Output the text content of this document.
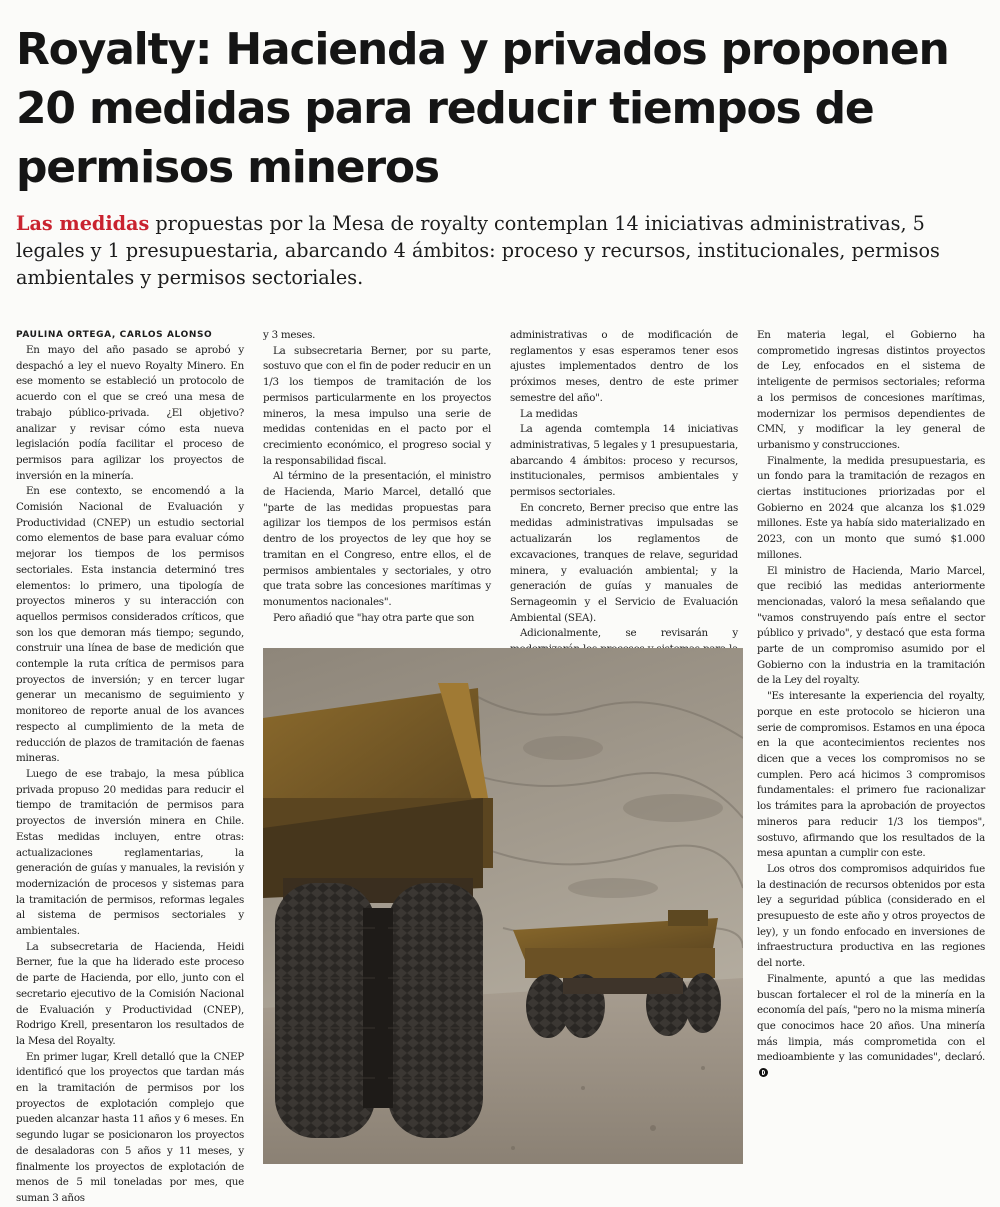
Royalty: Hacienda y privados proponen 20 medidas para reducir tiempos de permisos mineros

Las medidas propuestas por la Mesa de royalty contemplan 14 iniciativas administrativas, 5 legales y 1 presupuestaria, abarcando 4 ámbitos: proceso y recursos, institucionales, permisos ambientales y permisos sectoriales.

PAULINA ORTEGA, CARLOS ALONSO

En mayo del año pasado se aprobó y despachó a ley el nuevo Royalty Minero. En ese momento se estableció un protocolo de acuerdo con el que se creó una mesa de trabajo público-privada. ¿El objetivo? analizar y revisar cómo esta nueva legislación podía facilitar el proceso de permisos para agilizar los proyectos de inversión en la minería.

En ese contexto, se encomendó a la Comisión Nacional de Evaluación y Productividad (CNEP) un estudio sectorial como elementos de base para evaluar cómo mejorar los tiempos de los permisos sectoriales. Esta instancia determinó tres elementos: lo primero, una tipología de proyectos mineros y su interacción con aquellos permisos considerados críticos, que son los que demoran más tiempo; segundo, construir una línea de base de medición que contemple la ruta crítica de permisos para proyectos de inversión; y en tercer lugar generar un mecanismo de seguimiento y monitoreo de reporte anual de los avances respecto al cumplimiento de la meta de reducción de plazos de tramitación de faenas mineras.

Luego de ese trabajo, la mesa pública privada propuso 20 medidas para reducir el tiempo de tramitación de permisos para proyectos de inversión minera en Chile. Estas medidas incluyen, entre otras: actualizaciones reglamentarias, la generación de guías y manuales, la revisión y modernización de procesos y sistemas para la tramitación de permisos, reformas legales al sistema de permisos sectoriales y ambientales.

La subsecretaria de Hacienda, Heidi Berner, fue la que ha liderado este proceso de parte de Hacienda, por ello, junto con el secretario ejecutivo de la Comisión Nacional de Evaluación y Productividad (CNEP), Rodrigo Krell, presentaron los resultados de la Mesa del Royalty.

En primer lugar, Krell detalló que la CNEP identificó que los proyectos que tardan más en la tramitación de permisos por los proyectos de explotación complejo que pueden alcanzar hasta 11 años y 6 meses. En segundo lugar se posicionaron los proyectos de desaladoras con 5 años y 11 meses, y finalmente los proyectos de explotación de menos de 5 mil toneladas por mes, que suman 3 años

y 3 meses.

La subsecretaria Berner, por su parte, sostuvo que con el fin de poder reducir en un 1/3 los tiempos de tramitación de los permisos particularmente en los proyectos mineros, la mesa impulso una serie de medidas contenidas en el pacto por el crecimiento económico, el progreso social y la responsabilidad fiscal.

Al término de la presentación, el ministro de Hacienda, Mario Marcel, detalló que "parte de las medidas propuestas para agilizar los tiempos de los permisos están dentro de los proyectos de ley que hoy se tramitan en el Congreso, entre ellos, el de permisos ambientales y sectoriales, y otro que trata sobre las concesiones marítimas y monumentos nacionales".

Pero añadió que "hay otra parte que son

administrativas o de modificación de reglamentos y esas esperamos tener esos ajustes implementados dentro de los próximos meses, dentro de este primer semestre del año".

La medidas

La agenda comtempla 14 iniciativas administrativas, 5 legales y 1 presupuestaria, abarcando 4 ámbitos: proceso y recursos, institucionales, permisos ambientales y permisos sectoriales.

En concreto, Berner preciso que entre las medidas administrativas impulsadas se actualizarán los reglamentos de excavaciones, tranques de relave, seguridad minera, y evaluación ambiental; y la generación de guías y manuales de Sernageomin y el Servicio de Evaluación Ambiental (SEA).

Adicionalmente, se revisarán y

En materia legal, el Gobierno ha comprometido ingresas distintos proyectos de Ley, enfocados en el sistema de inteligente de permisos sectoriales; reforma a los permisos de concesiones marítimas, modernizar los permisos dependientes de CMN, y modificar la ley general de urbanismo y construcciones.

Finalmente, la medida presupuestaria, es un fondo para la tramitación de rezagos en ciertas instituciones priorizadas por el Gobierno en 2024 que alcanza los $1.029 millones. Este ya había sido materializado en 2023, con un monto que sumó $1.000 millones.

El ministro de Hacienda, Mario Marcel, que recibió las medidas anteriormente mencionadas, valoró la mesa señalando que "vamos construyendo país entre el sector público y privado", y destacó que esta forma parte de un compromiso asumido por el Gobierno con la industria en la tramitación de la Ley del royalty.

"Es interesante la experiencia del royalty, porque en este protocolo se hicieron una serie de compromisos. Estamos en una época en la que acontecimientos recientes nos dicen que a veces los compromisos no se cumplen. Pero acá hicimos 3 compromisos fundamentales: el primero fue racionalizar los trámites para la aprobación de proyectos mineros para reducir 1/3 los tiempos", sostuvo, afirmando que los resultados de la mesa apuntan a cumplir con este.

Los otros dos compromisos adquiridos fue la destinación de recursos obtenidos por esta ley a seguridad pública (considerado en el presupuesto de este año y otros proyectos de ley), y un fondo enfocado en inversiones de infraestructura productiva en las regiones del norte.

Finalmente, apuntó a que las medidas buscan fortalecer el rol de la minería en la economía del país, "pero no la misma minería que conocimos hace 20 años. Una minería más limpia, más comprometida con el medioambiente y las comunidades", declaró.
